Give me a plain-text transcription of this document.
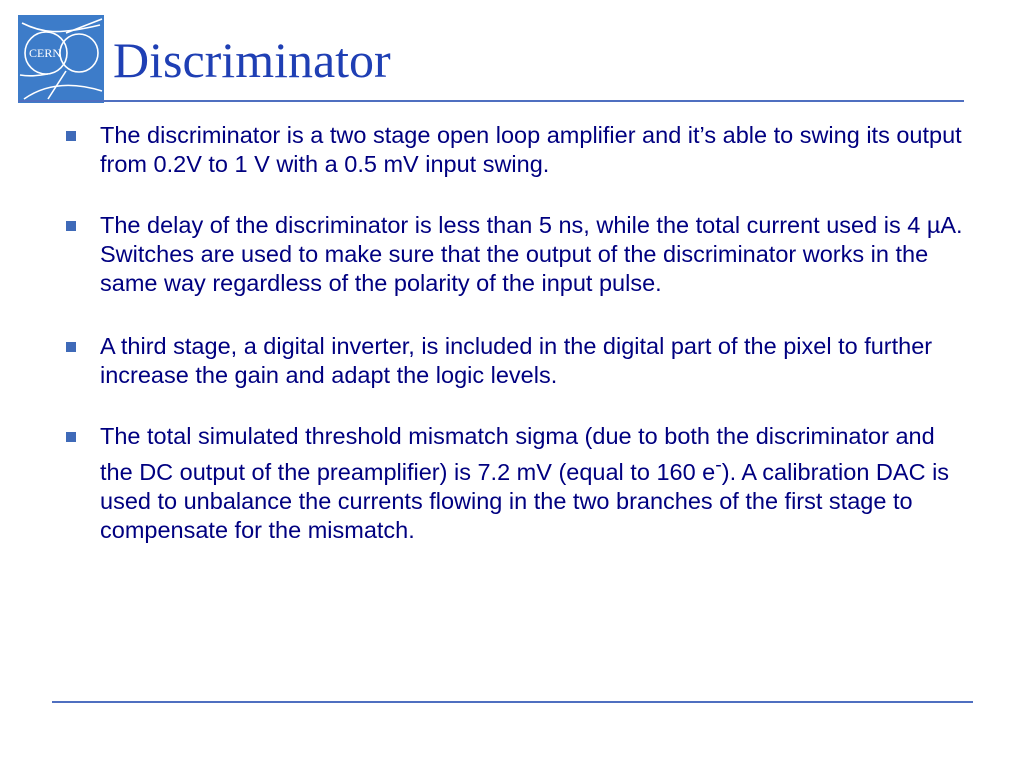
CERN Discriminator
The discriminator is a two stage open loop amplifier and it’s able to swing its output from 0.2V to 1 V with a 0.5 mV input swing.
The delay of the discriminator is less than 5 ns, while the total current used is 4 µA. Switches are used to make sure that the output of the discriminator works in the same way regardless of the polarity of the input pulse.
A third stage, a digital inverter, is included in the digital part of the pixel to further increase the gain and adapt the logic levels.
The total simulated threshold mismatch sigma (due to both the discriminator and the DC output of the preamplifier) is 7.2 mV (equal to 160 e-). A calibration DAC is used to unbalance the currents flowing in the two branches of the first stage to compensate for the mismatch.
